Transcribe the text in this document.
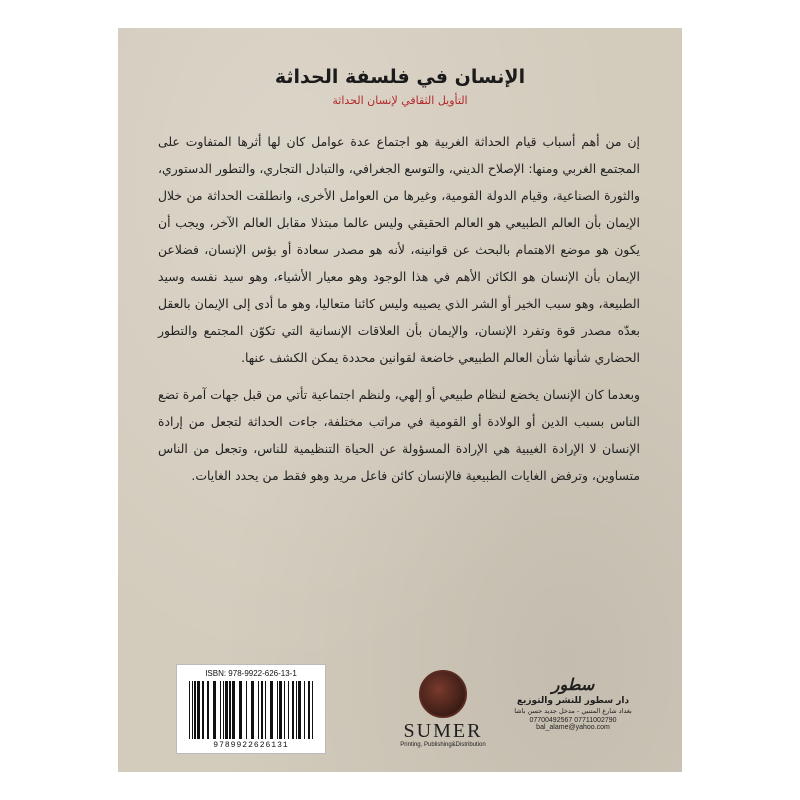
الإنسان في فلسفة الحداثة
التأويل الثقافي لإنسان الحداثة

إن من أهم أسباب قيام الحداثة الغربية هو اجتماع عدة عوامل كان لها أثرها المتفاوت على المجتمع الغربي ومنها: الإصلاح الديني، والتوسع الجغرافي، والتبادل التجاري، والتطور الدستوري، والثورة الصناعية، وقيام الدولة القومية، وغيرها من العوامل الأخرى، وانطلقت الحداثة من خلال الإيمان بأن العالم الطبيعي هو العالم الحقيقي وليس عالما مبتذلا مقابل العالم الآخر، ويجب أن يكون هو موضع الاهتمام بالبحث عن قوانينه، لأنه هو مصدر سعادة أو بؤس الإنسان، فضلاعن الإيمان بأن الإنسان هو الكائن الأهم في هذا الوجود وهو معيار الأشياء، وهو سيد نفسه وسيد الطبيعة، وهو سبب الخير أو الشر الذي يصيبه وليس كائنا متعاليا، وهو ما أدى إلى الإيمان بالعقل بعدّه مصدر قوة وتفرد الإنسان، والإيمان بأن العلاقات الإنسانية التي تكوّن المجتمع والتطور الحضاري شأنها شأن العالم الطبيعي خاضعة لقوانين محددة يمكن الكشف عنها.

وبعدما كان الإنسان يخضع لنظام طبيعي أو إلهي، ولنظم اجتماعية تأتي من قبل جهات آمرة تضع الناس بسبب الدين أو الولادة أو القومية في مراتب مختلفة، جاءت الحداثة لتجعل من إرادة الإنسان لا الإرادة الغيبية هي الإرادة المسؤولة عن الحياة التنظيمية للناس، وتجعل من الناس متساوين، وترفض الغايات الطبيعية فالإنسان كائن فاعل مريد وهو فقط من يحدد الغايات.

ISBN: 978-9922-626-13-1
9789922626131
SUMER
Printing, Publishing&Distribution
سطور
دار سطور للنشر والتوزيع
بغداد شارع المتنبي - مدخل جديد حسن باشا
07700492567 07711002790
bal_alame@yahoo.com
